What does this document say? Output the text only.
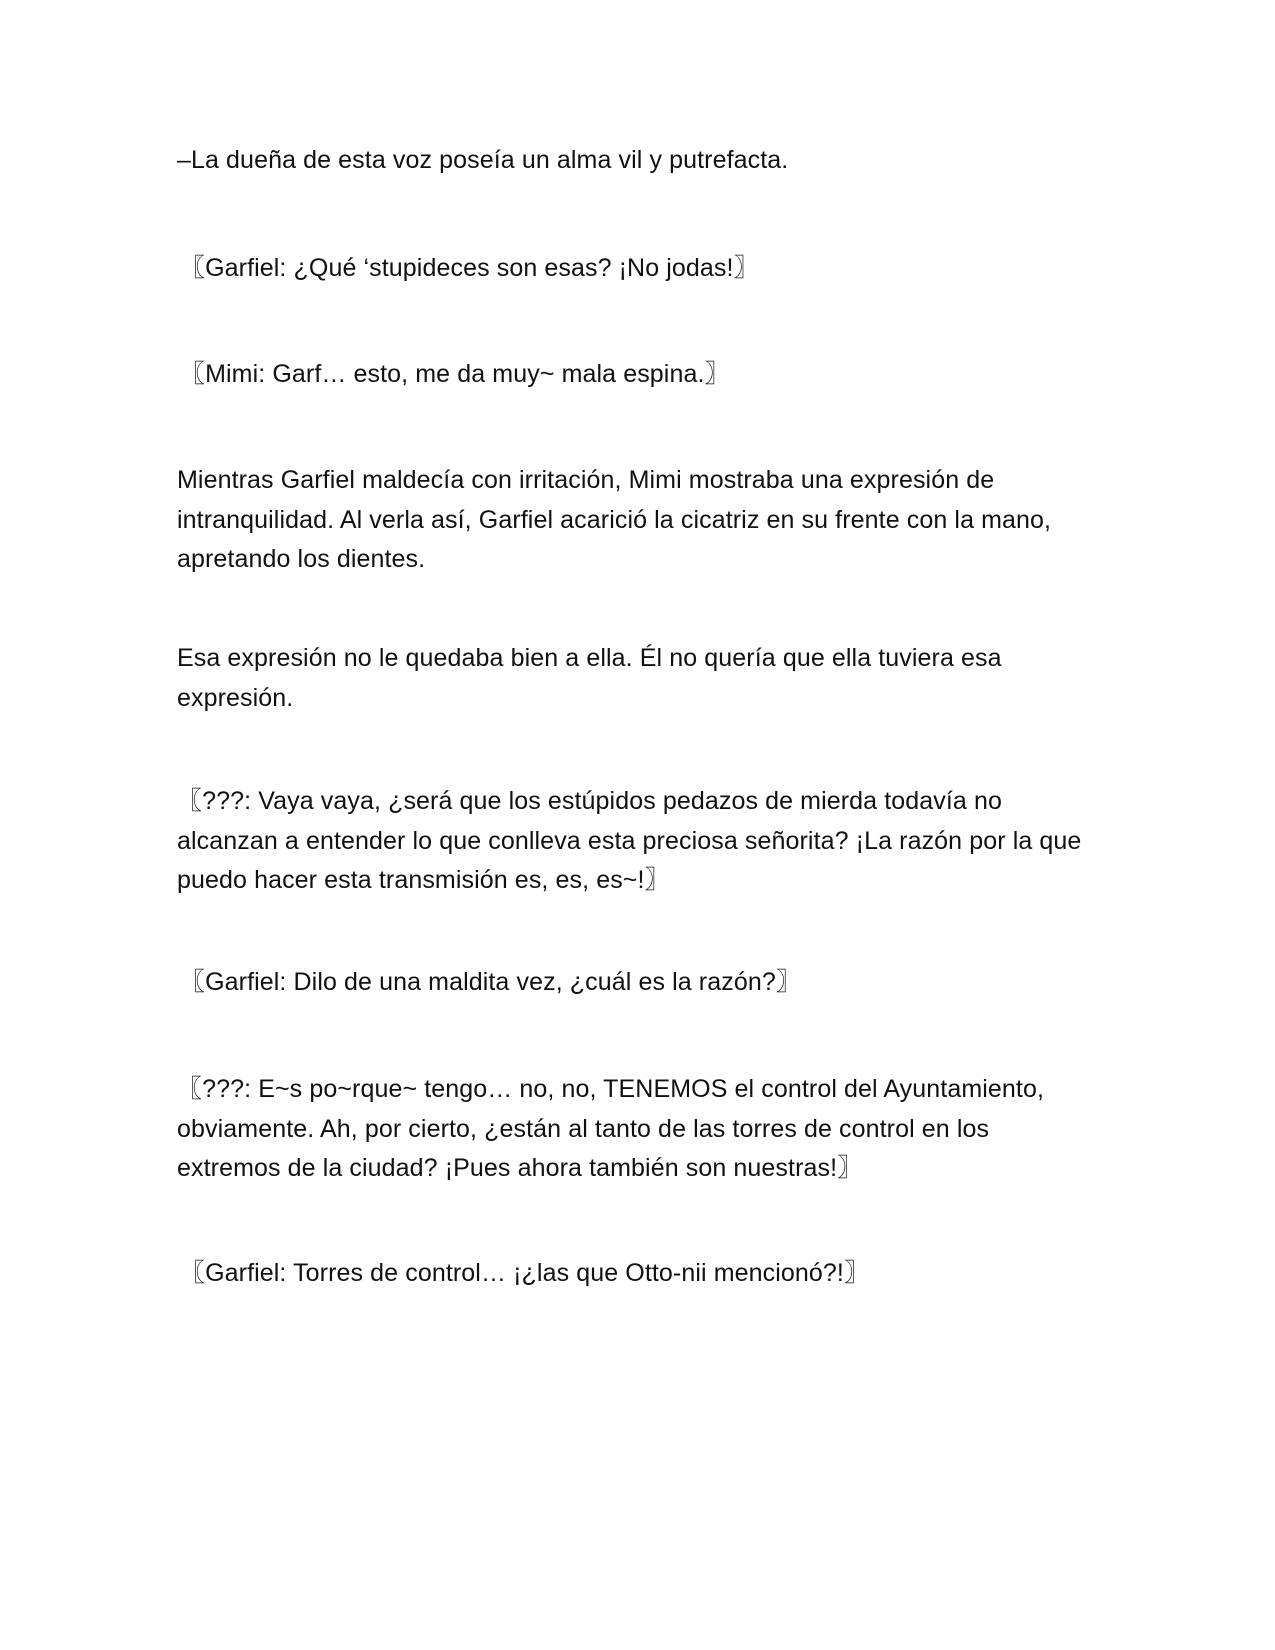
–La dueña de esta voz poseía un alma vil y putrefacta.

〖Garfiel: ¿Qué ‘stupideces son esas? ¡No jodas!〗

〖Mimi: Garf… esto, me da muy~ mala espina.〗

Mientras Garfiel maldecía con irritación, Mimi mostraba una expresión de intranquilidad. Al verla así, Garfiel acarició la cicatriz en su frente con la mano, apretando los dientes.

Esa expresión no le quedaba bien a ella. Él no quería que ella tuviera esa expresión.

〖???: Vaya vaya, ¿será que los estúpidos pedazos de mierda todavía no alcanzan a entender lo que conlleva esta preciosa señorita? ¡La razón por la que puedo hacer esta transmisión es, es, es~!〗

〖Garfiel: Dilo de una maldita vez, ¿cuál es la razón?〗

〖???: E~s po~rque~ tengo… no, no, TENEMOS el control del Ayuntamiento, obviamente. Ah, por cierto, ¿están al tanto de las torres de control en los extremos de la ciudad? ¡Pues ahora también son nuestras!〗

〖Garfiel: Torres de control… ¡¿las que Otto-nii mencionó?!〗
